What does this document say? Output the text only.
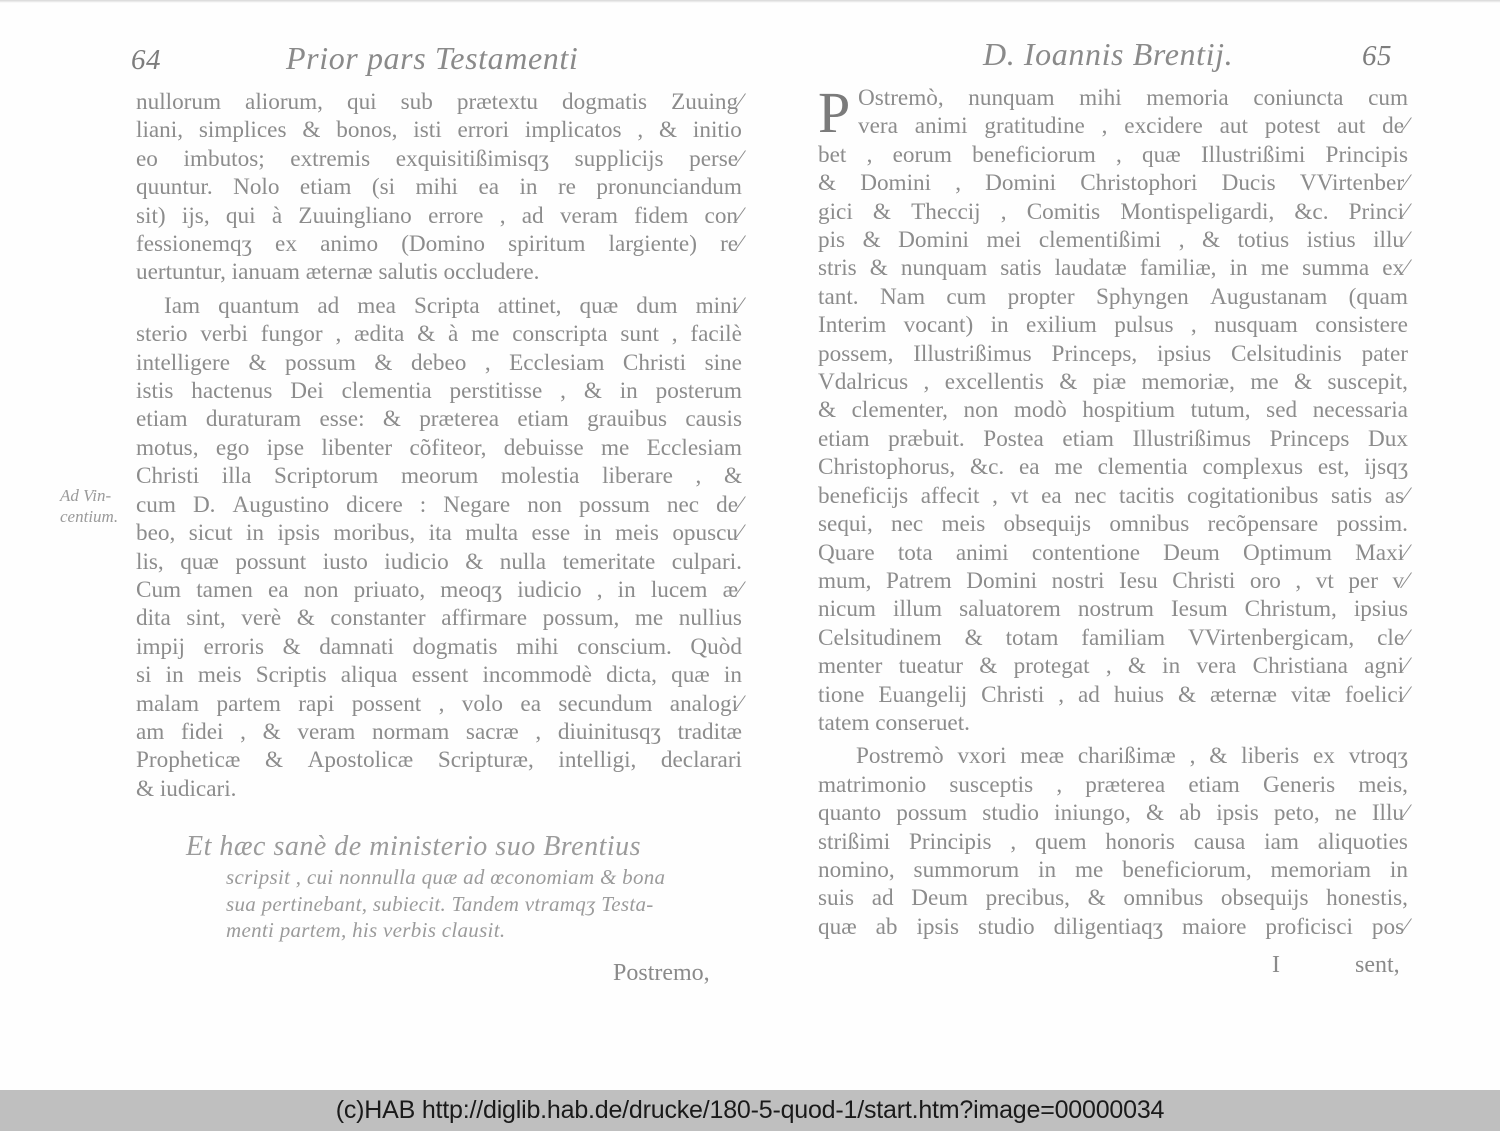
64	Prior pars Testamenti	D. Ioannis Brentij.	65
Ad Vin-
centium.

nullorum aliorum, qui sub prætextu dogmatis Zuuing⁄
liani, simplices & bonos, isti errori implicatos , & initio
eo imbutos; extremis exquisitißimisqʒ supplicijs perse⁄
quuntur. Nolo etiam (si mihi ea in re pronunciandum
sit) ijs, qui à Zuuingliano errore , ad veram fidem con⁄
fessionemqʒ ex animo (Domino spiritum largiente) re⁄
uertuntur, ianuam æternæ salutis occludere.

Iam quantum ad mea Scripta attinet, quæ dum mini⁄
sterio verbi fungor , ædita & à me conscripta sunt , facilè
intelligere & possum & debeo , Ecclesiam Christi sine
istis hactenus Dei clementia perstitisse , & in posterum
etiam duraturam esse: & præterea etiam grauibus causis
motus, ego ipse libenter cõfiteor, debuisse me Ecclesiam
Christi illa Scriptorum meorum molestia liberare , &
cum D. Augustino dicere : Negare non possum nec de⁄
beo, sicut in ipsis moribus, ita multa esse in meis opuscu⁄
lis, quæ possunt iusto iudicio & nulla temeritate culpari.
Cum tamen ea non priuato, meoqʒ iudicio , in lucem æ⁄
dita sint, verè & constanter affirmare possum, me nullius
impij erroris & damnati dogmatis mihi conscium. Quòd
si in meis Scriptis aliqua essent incommodè dicta, quæ in
malam partem rapi possent , volo ea secundum analogi⁄
am fidei , & veram normam sacræ , diuinitusqʒ traditæ
Propheticæ & Apostolicæ Scripturæ, intelligi, declarari
& iudicari.

Et hæc sanè de ministerio suo Brentius
scripsit , cui nonnulla quæ ad œconomiam & bona
sua pertinebant, subiecit. Tandem vtramqʒ Testa-
menti partem, his verbis clausit.
Postremo,
P Ostremò, nunquam mihi memoria coniuncta cum
vera animi gratitudine , excidere aut potest aut de⁄
bet , eorum beneficiorum , quæ Illustrißimi Principis
& Domini , Domini Christophori Ducis VVirtenber⁄
gici & Theccij , Comitis Montispeligardi, &c. Princi⁄
pis & Domini mei clementißimi , & totius istius illu⁄
stris & nunquam satis laudatæ familiæ, in me summa ex⁄
tant. Nam cum propter Sphyngen Augustanam (quam
Interim vocant) in exilium pulsus , nusquam consistere
possem, Illustrißimus Princeps, ipsius Celsitudinis pater
Vdalricus , excellentis & piæ memoriæ, me & suscepit,
& clementer, non modò hospitium tutum, sed necessaria
etiam præbuit. Postea etiam Illustrißimus Princeps Dux
Christophorus, &c. ea me clementia complexus est, ijsqʒ
beneficijs affecit , vt ea nec tacitis cogitationibus satis as⁄
sequi, nec meis obsequijs omnibus recõpensare possim.
Quare tota animi contentione Deum Optimum Maxi⁄
mum, Patrem Domini nostri Iesu Christi oro , vt per v⁄
nicum illum saluatorem nostrum Iesum Christum, ipsius
Celsitudinem & totam familiam VVirtenbergicam, cle⁄
menter tueatur & protegat , & in vera Christiana agni⁄
tione Euangelij Christi , ad huius & æternæ vitæ foelici⁄
tatem conseruet.

Postremò vxori meæ charißimæ , & liberis ex vtroqʒ
matrimonio susceptis , præterea etiam Generis meis,
quanto possum studio iniungo, & ab ipsis peto, ne Illu⁄
strißimi Principis , quem honoris causa iam aliquoties
nomino, summorum in me beneficiorum, memoriam in
suis ad Deum precibus, & omnibus obsequijs honestis,
quæ ab ipsis studio diligentiaqʒ maiore proficisci pos⁄

I	sent,
(c)HAB http://diglib.hab.de/drucke/180-5-quod-1/start.htm?image=00000034
